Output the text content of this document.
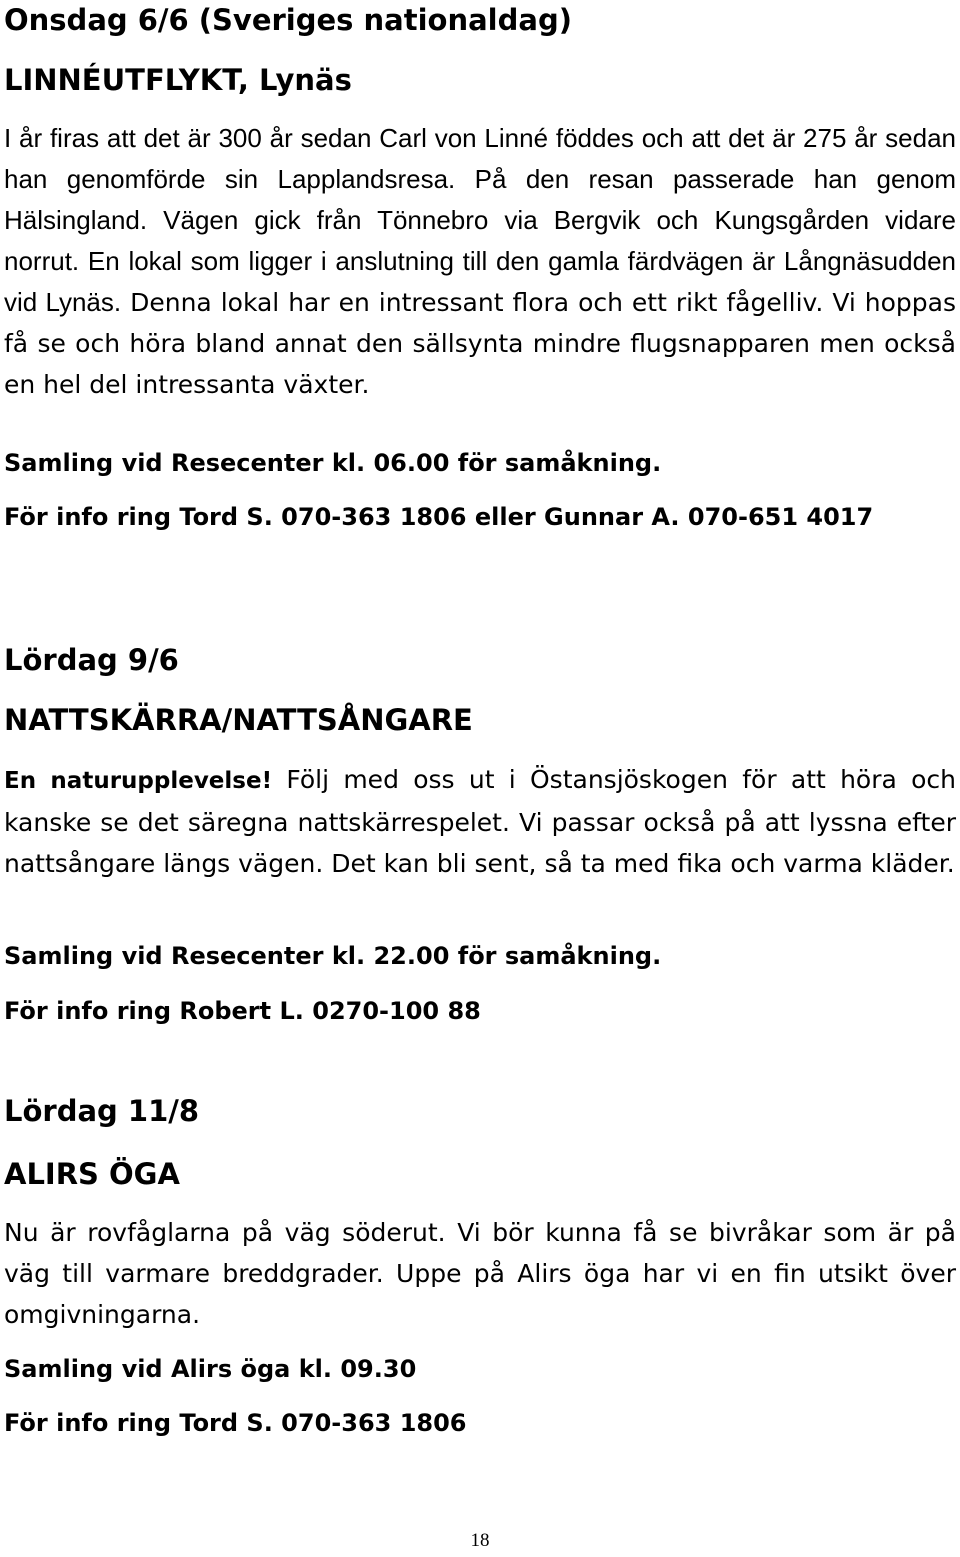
Onsdag 6/6 (Sveriges nationaldag)
LINNÉUTFLYKT, Lynäs

I år firas att det är 300 år sedan Carl von Linné föddes och att det är 275 år sedan han genomförde sin Lapplandsresa. På den resan passerade han genom Hälsingland. Vägen gick från Tönnebro via Bergvik och Kungsgården vidare norrut. En lokal som ligger i anslutning till den gamla färdvägen är Långnäsudden vid Lynäs. Denna lokal har en intressant flora och ett rikt fågelliv. Vi hoppas få se och höra bland annat den sällsynta mindre flugsnapparen men också en hel del intressanta växter.

Samling vid Resecenter kl. 06.00 för samåkning.

För info ring Tord S. 070-363 1806 eller Gunnar A. 070-651 4017

Lördag 9/6
NATTSKÄRRA/NATTSÅNGARE

En naturupplevelse! Följ med oss ut i Östansjöskogen för att höra och kanske se det säregna nattskärrespelet. Vi passar också på att lyssna efter nattsångare längs vägen. Det kan bli sent, så ta med fika och varma kläder.

Samling vid Resecenter kl. 22.00 för samåkning.

För info ring Robert L. 0270-100 88

Lördag 11/8
ALIRS ÖGA

Nu är rovfåglarna på väg söderut. Vi bör kunna få se bivråkar som är på väg till varmare breddgrader. Uppe på Alirs öga har vi en fin utsikt över omgivningarna.

Samling vid Alirs öga kl. 09.30

För info ring Tord S. 070-363 1806

18
